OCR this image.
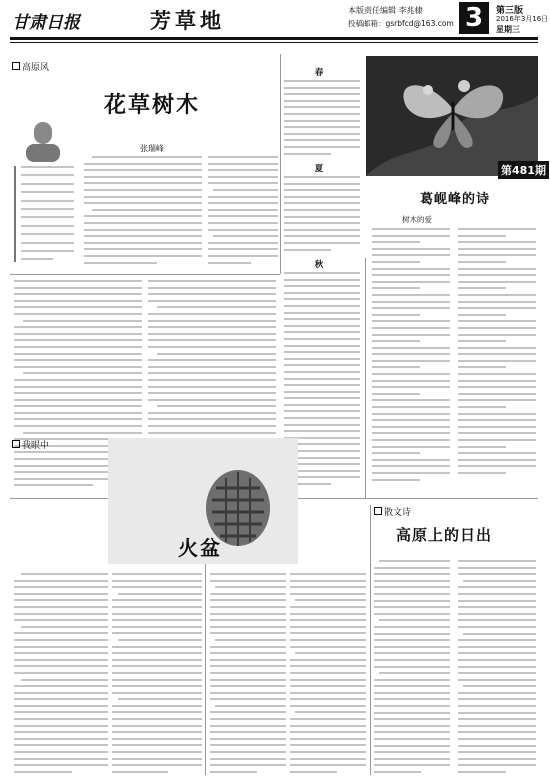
甘肃日报	芳草地	本版责任编辑 李兆棣
投稿邮箱：gsrbfcd@163.com 3	第三版
2016年3月16日
星期三
高原风
花草树木
张瑞峰
春
夏
秋
第481期
葛岘峰的诗
树木的爱
我眼中
火盆
散文诗
高原上的日出
